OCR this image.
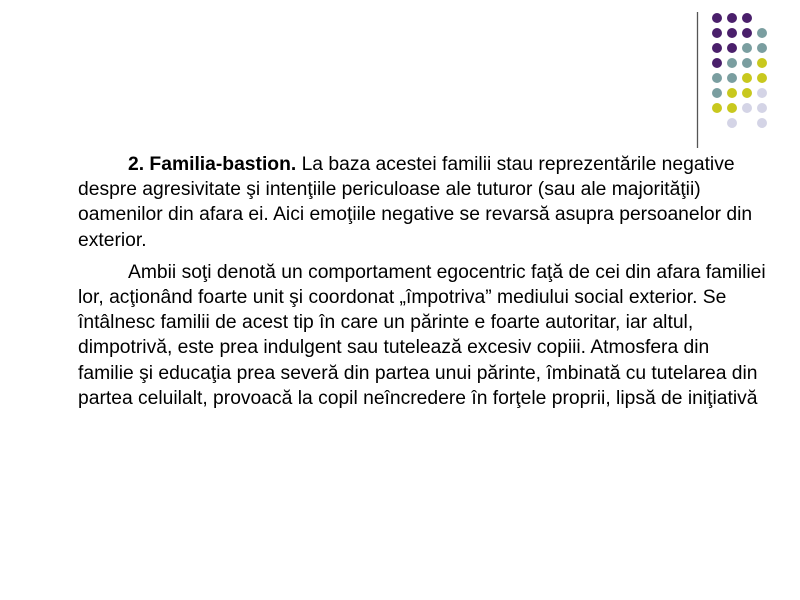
2. Familia-bastion. La baza acestei familii stau reprezentările negative despre agresivitate şi intenţiile periculoase ale tuturor (sau ale majorităţii) oamenilor din afara ei. Aici emoţiile negative se revarsă asupra persoanelor din exterior.

Ambii soţi denotă un comportament egocentric faţă de cei din afara familiei lor, acţionând foarte unit şi coordonat „împotriva” mediului social exterior. Se întâlnesc familii de acest tip în care un părinte e foarte autoritar, iar altul, dimpotrivă, este prea indulgent sau tutelează excesiv copiii. Atmosfera din familie şi educaţia prea severă din partea unui părinte, îmbinată cu tutelarea din partea celuilalt, provoacă la copil neîncredere în forţele proprii, lipsă de iniţiativă
